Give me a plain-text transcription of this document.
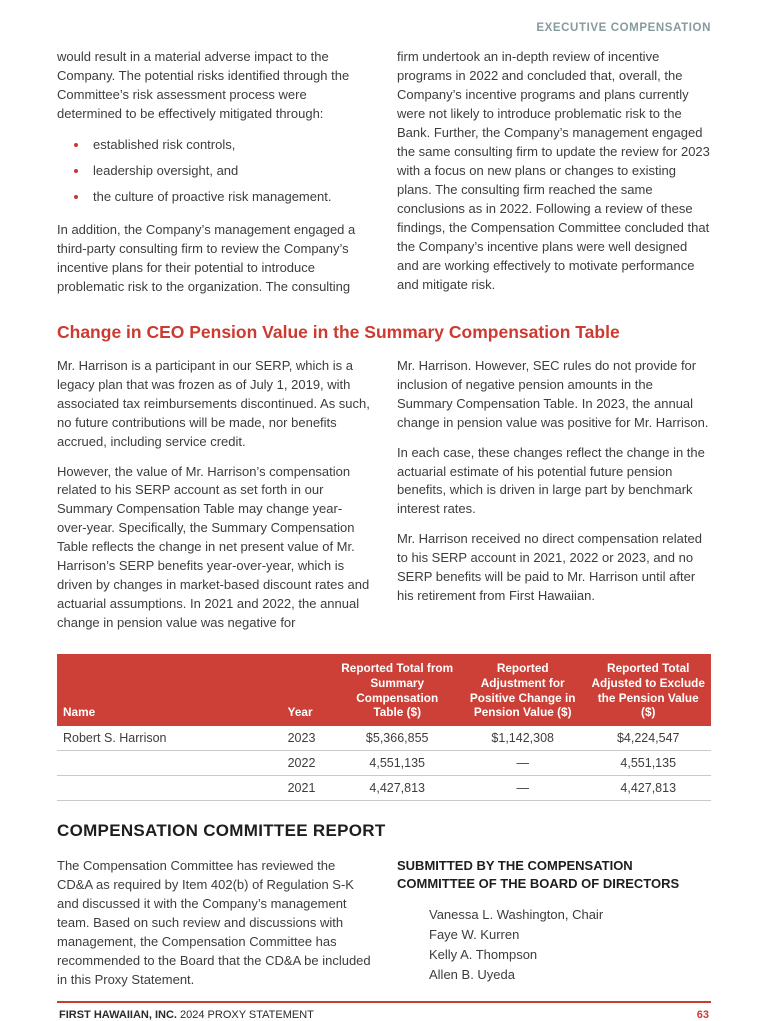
EXECUTIVE COMPENSATION

would result in a material adverse impact to the Company. The potential risks identified through the Committee’s risk assessment process were determined to be effectively mitigated through:

• established risk controls,
• leadership oversight, and
• the culture of proactive risk management.

In addition, the Company’s management engaged a third-party consulting firm to review the Company’s incentive plans for their potential to introduce problematic risk to the organization. The consulting

firm undertook an in-depth review of incentive programs in 2022 and concluded that, overall, the Company’s incentive programs and plans currently were not likely to introduce problematic risk to the Bank. Further, the Company’s management engaged the same consulting firm to update the review for 2023 with a focus on new plans or changes to existing plans. The consulting firm reached the same conclusions as in 2022. Following a review of these findings, the Compensation Committee concluded that the Company’s incentive plans were well designed and are working effectively to motivate performance and mitigate risk.

Change in CEO Pension Value in the Summary Compensation Table

Mr. Harrison is a participant in our SERP, which is a legacy plan that was frozen as of July 1, 2019, with associated tax reimbursements discontinued. As such, no future contributions will be made, nor benefits accrued, including service credit.

However, the value of Mr. Harrison’s compensation related to his SERP account as set forth in our Summary Compensation Table may change year-over-year. Specifically, the Summary Compensation Table reflects the change in net present value of Mr. Harrison’s SERP benefits year-over-year, which is driven by changes in market-based discount rates and actuarial assumptions. In 2021 and 2022, the annual change in pension value was negative for

Mr. Harrison. However, SEC rules do not provide for inclusion of negative pension amounts in the Summary Compensation Table. In 2023, the annual change in pension value was positive for Mr. Harrison.

In each case, these changes reflect the change in the actuarial estimate of his potential future pension benefits, which is driven in large part by benchmark interest rates.

Mr. Harrison received no direct compensation related to his SERP account in 2021, 2022 or 2023, and no SERP benefits will be paid to Mr. Harrison until after his retirement from First Hawaiian.

Name	Year	Reported Total from Summary Compensation Table ($)	Reported Adjustment for Positive Change in Pension Value ($)	Reported Total Adjusted to Exclude the Pension Value ($)
Robert S. Harrison	2023	$5,366,855	$1,142,308	$4,224,547
	2022	4,551,135	—	4,551,135
	2021	4,427,813	—	4,427,813
COMPENSATION COMMITTEE REPORT

The Compensation Committee has reviewed the CD&A as required by Item 402(b) of Regulation S-K and discussed it with the Company’s management team. Based on such review and discussions with management, the Compensation Committee has recommended to the Board that the CD&A be included in this Proxy Statement.

SUBMITTED BY THE COMPENSATION COMMITTEE OF THE BOARD OF DIRECTORS

Vanessa L. Washington, Chair
Faye W. Kurren
Kelly A. Thompson
Allen B. Uyeda
FIRST HAWAIIAN, INC. 2024 PROXY STATEMENT	63
